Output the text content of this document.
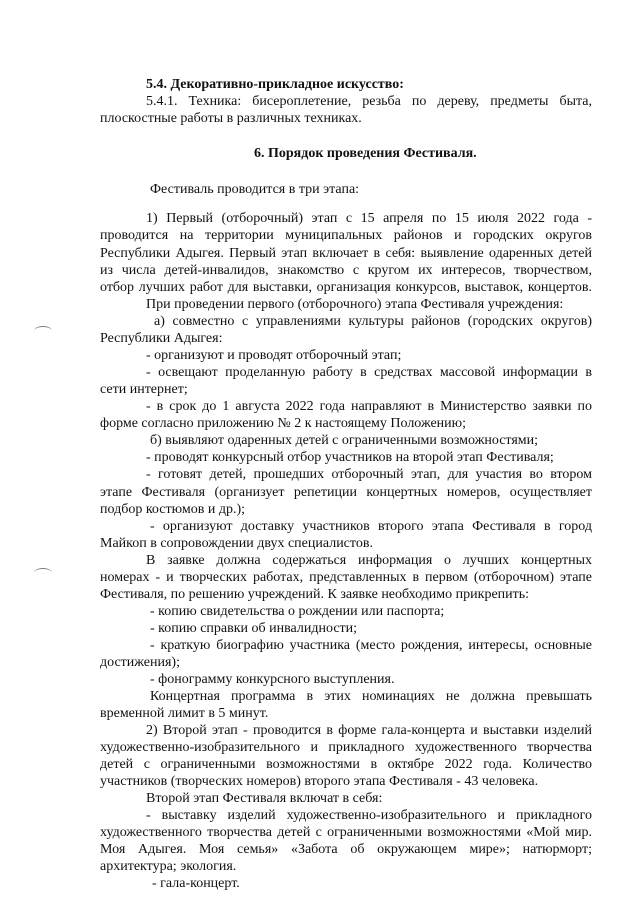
5.4. Декоративно-прикладное искусство:
5.4.1. Техника: бисероплетение, резьба по дереву, предметы быта,
плоскостные работы в различных техниках.
6. Порядок проведения Фестиваля.
Фестиваль проводится в три этапа:
1) Первый (отборочный) этап с 15 апреля по 15 июля 2022 года -
проводится на территории муниципальных районов и городских округов
Республики Адыгея. Первый этап включает в себя: выявление одаренных детей
из числа детей-инвалидов, знакомство с кругом их интересов, творчеством,
отбор лучших работ для выставки, организация конкурсов, выставок, концертов.
При проведении первого (отборочного) этапа Фестиваля учреждения:
а) совместно с управлениями культуры районов (городских округов)
Республики Адыгея:
- организуют и проводят отборочный этап;
- освещают проделанную работу в средствах массовой информации в
сети интернет;
- в срок до 1 августа 2022 года направляют в Министерство заявки по
форме согласно приложению № 2 к настоящему Положению;
б) выявляют одаренных детей с ограниченными возможностями;
- проводят конкурсный отбор участников на второй этап Фестиваля;
- готовят детей, прошедших отборочный этап, для участия во втором
этапе Фестиваля (организует репетиции концертных номеров, осуществляет
подбор костюмов и др.);
- организуют доставку участников второго этапа Фестиваля в город
Майкоп в сопровождении двух специалистов.
В заявке должна содержаться информация о лучших концертных
номерах - и творческих работах, представленных в первом (отборочном) этапе
Фестиваля, по решению учреждений. К заявке необходимо прикрепить:
- копию свидетельства о рождении или паспорта;
- копию справки об инвалидности;
- краткую биографию участника (место рождения, интересы, основные
достижения);
- фонограмму конкурсного выступления.
Концертная программа в этих номинациях не должна превышать
временной лимит в 5 минут.
2) Второй этап - проводится в форме гала-концерта и выставки изделий
художественно-изобразительного и прикладного художественного творчества
детей с ограниченными возможностями в октябре 2022 года. Количество
участников (творческих номеров) второго этапа Фестиваля - 43 человека.
Второй этап Фестиваля включат в себя:
- выставку изделий художественно-изобразительного и прикладного
художественного творчества детей с ограниченными возможностями «Мой мир.
Моя Адыгея. Моя семья» «Забота об окружающем мире»; натюрморт;
архитектура; экология.
- гала-концерт.
